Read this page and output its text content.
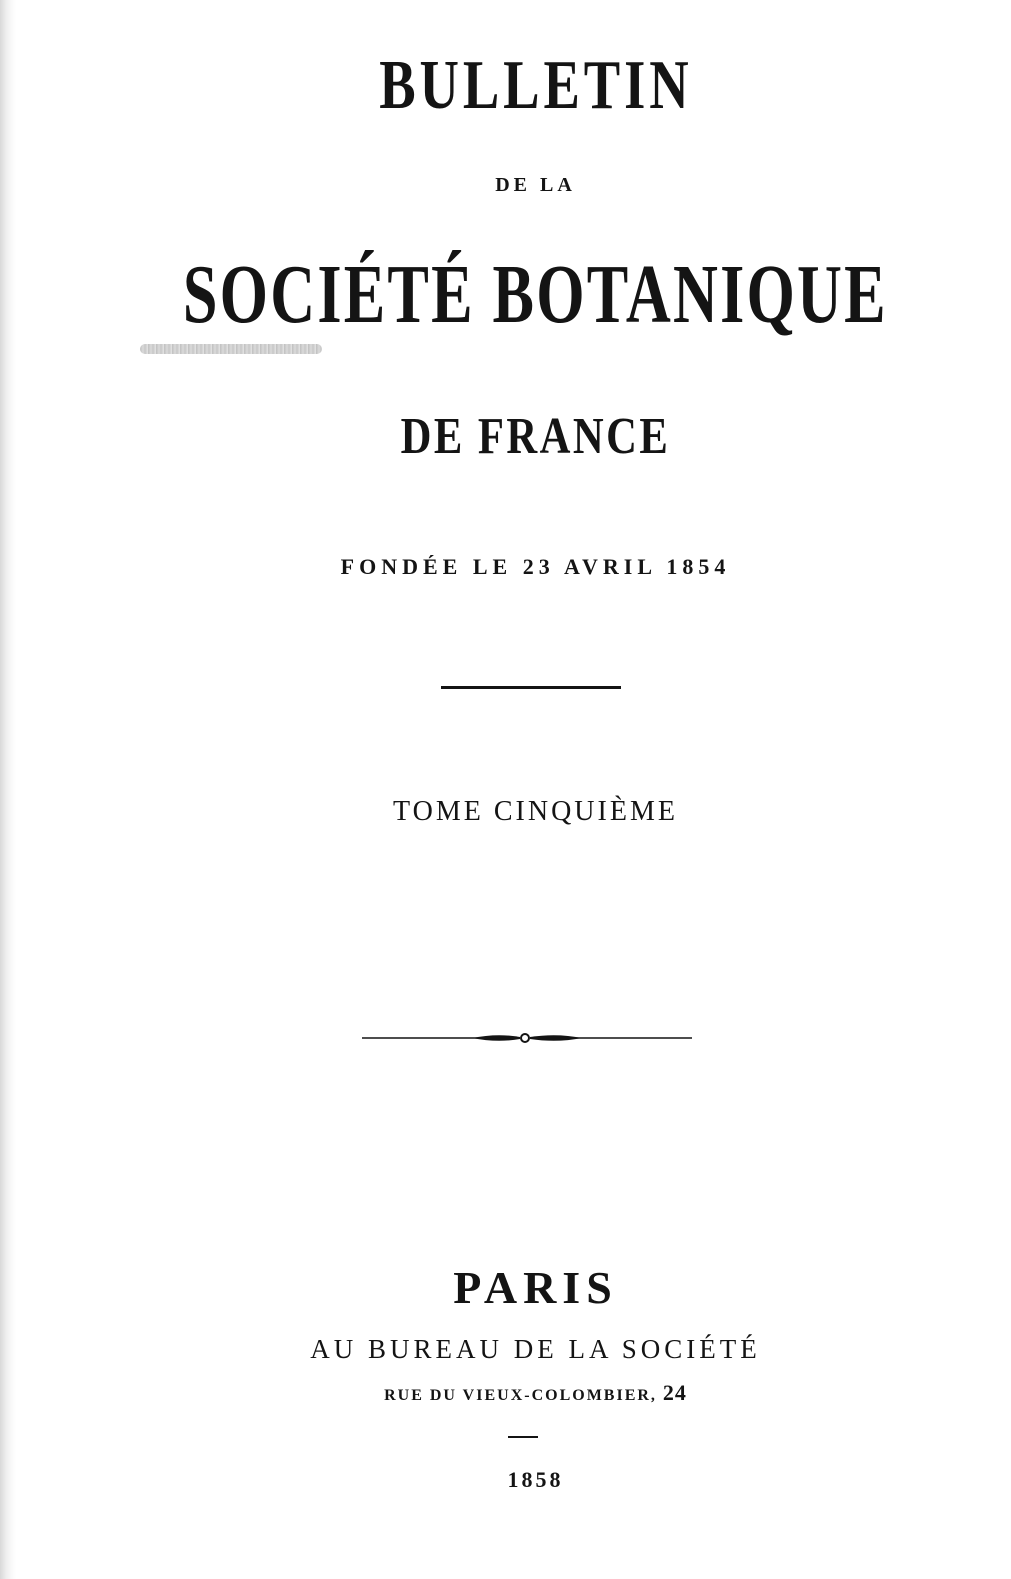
BULLETIN

DE LA

SOCIÉTÉ BOTANIQUE

DE FRANCE

FONDÉE LE 23 AVRIL 1854

TOME CINQUIÈME

PARIS

AU BUREAU DE LA SOCIÉTÉ

RUE DU VIEUX-COLOMBIER, 24

1858
